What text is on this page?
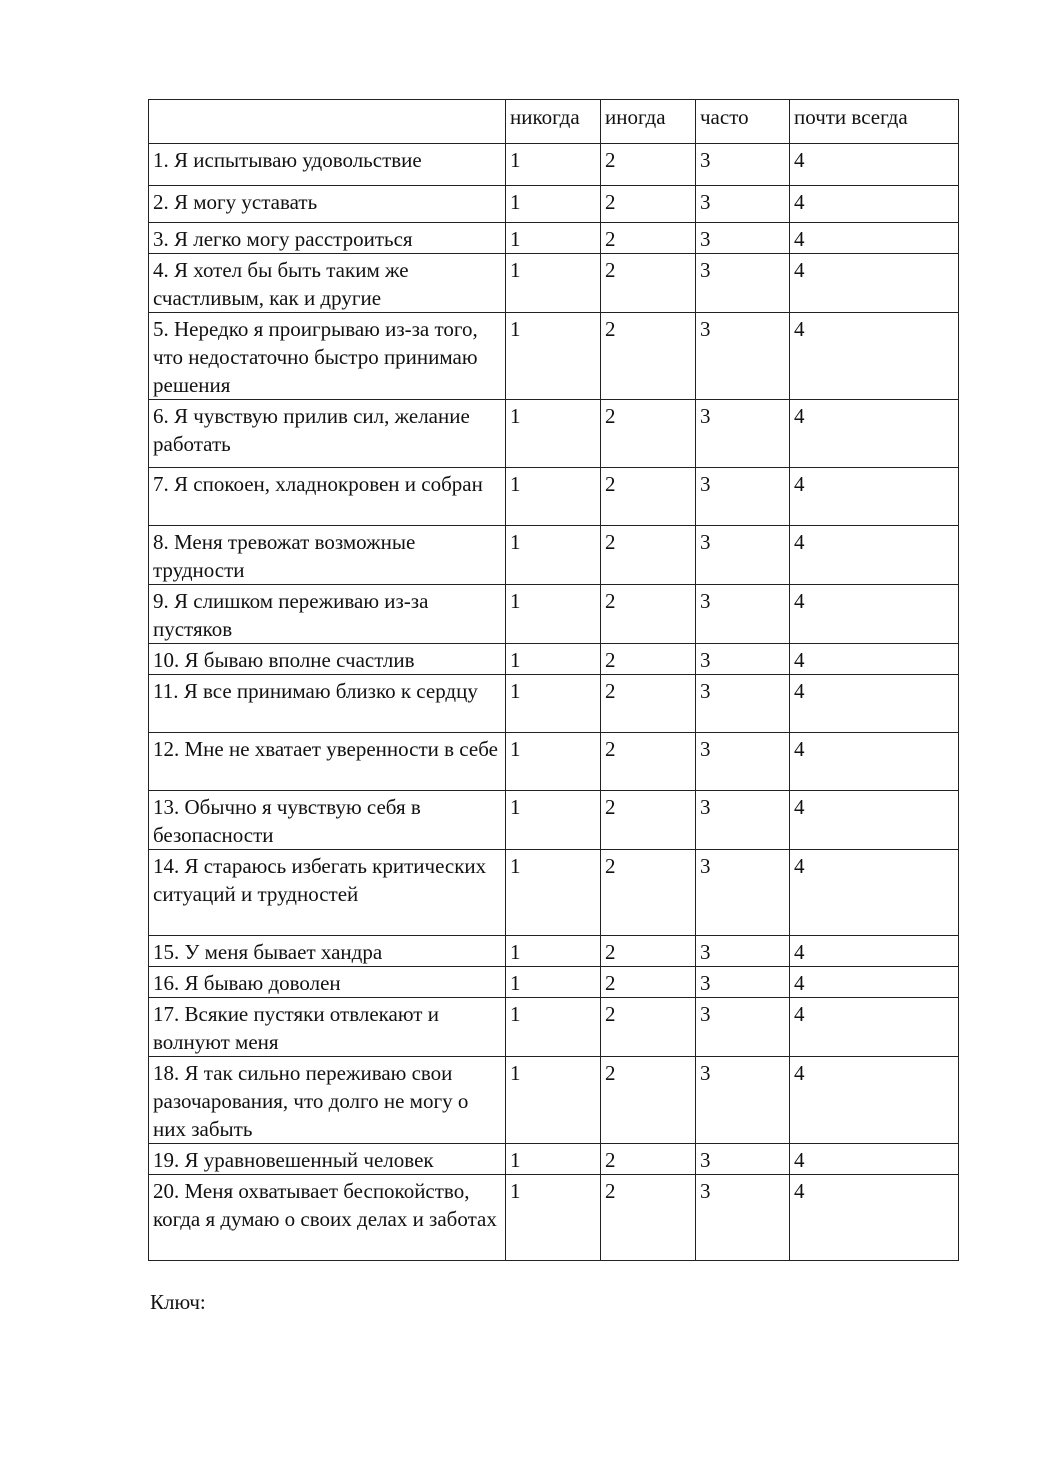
	никогда	иногда	часто	почти всегда
1. Я испытываю удовольствие	1	2	3	4
2. Я могу уставать	1	2	3	4
3. Я легко могу расстроиться	1	2	3	4
4. Я хотел бы быть таким же счастливым, как и другие	1	2	3	4
5. Нередко я проигрываю из-за того, что недостаточно быстро принимаю решения	1	2	3	4
6. Я чувствую прилив сил, желание работать	1	2	3	4
7. Я спокоен, хладнокровен и собран	1	2	3	4
8. Меня тревожат возможные трудности	1	2	3	4
9. Я слишком переживаю из-за пустяков	1	2	3	4
10. Я бываю вполне счастлив	1	2	3	4
11. Я все принимаю близко к сердцу	1	2	3	4
12. Мне не хватает уверенности в себе	1	2	3	4
13. Обычно я чувствую себя в безопасности	1	2	3	4
14. Я стараюсь избегать критических ситуаций и трудностей	1	2	3	4
15. У меня бывает хандра	1	2	3	4
16. Я бываю доволен	1	2	3	4
17. Всякие пустяки отвлекают и волнуют меня	1	2	3	4
18. Я так сильно переживаю свои разочарования, что долго не могу о них забыть	1	2	3	4
19. Я уравновешенный человек	1	2	3	4
20. Меня охватывает беспокойство, когда я думаю о своих делах и заботах	1	2	3	4
Ключ:
